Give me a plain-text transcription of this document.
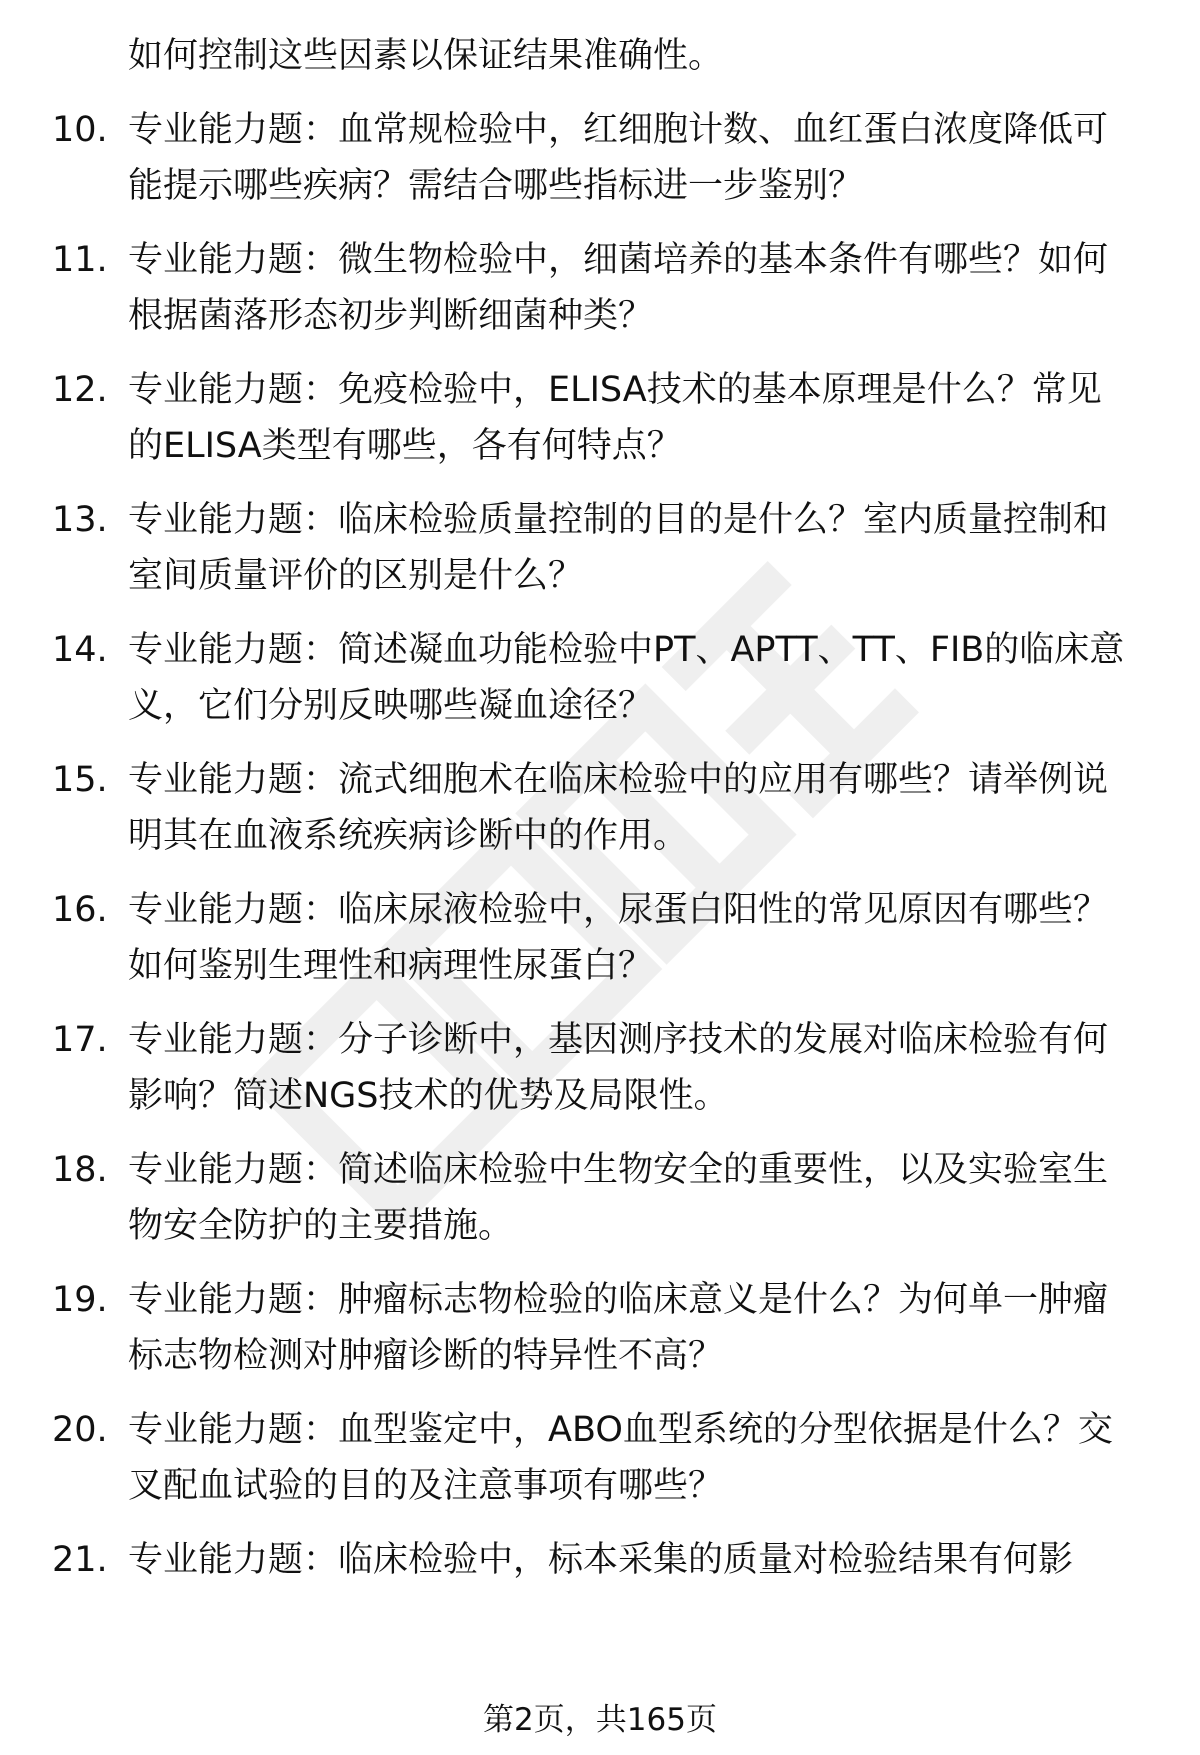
如何控制这些因素以保证结果准确性。
10. 专业能力题：血常规检验中，红细胞计数、血红蛋白浓度降低可
能提示哪些疾病？需结合哪些指标进一步鉴别？
11. 专业能力题：微生物检验中，细菌培养的基本条件有哪些？如何
根据菌落形态初步判断细菌种类？
12. 专业能力题：免疫检验中，ELISA技术的基本原理是什么？常见
的ELISA类型有哪些，各有何特点？
13. 专业能力题：临床检验质量控制的目的是什么？室内质量控制和
室间质量评价的区别是什么？
14. 专业能力题：简述凝血功能检验中PT、APTT、TT、FIB的临床意
义，它们分别反映哪些凝血途径？
15. 专业能力题：流式细胞术在临床检验中的应用有哪些？请举例说
明其在血液系统疾病诊断中的作用。
16. 专业能力题：临床尿液检验中，尿蛋白阳性的常见原因有哪些？
如何鉴别生理性和病理性尿蛋白？
17. 专业能力题：分子诊断中，基因测序技术的发展对临床检验有何
影响？简述NGS技术的优势及局限性。
18. 专业能力题：简述临床检验中生物安全的重要性，以及实验室生
物安全防护的主要措施。
19. 专业能力题：肿瘤标志物检验的临床意义是什么？为何单一肿瘤
标志物检测对肿瘤诊断的特异性不高？
20. 专业能力题：血型鉴定中，ABO血型系统的分型依据是什么？交
叉配血试验的目的及注意事项有哪些？
21. 专业能力题：临床检验中，标本采集的质量对检验结果有何影
第2页，共165页
